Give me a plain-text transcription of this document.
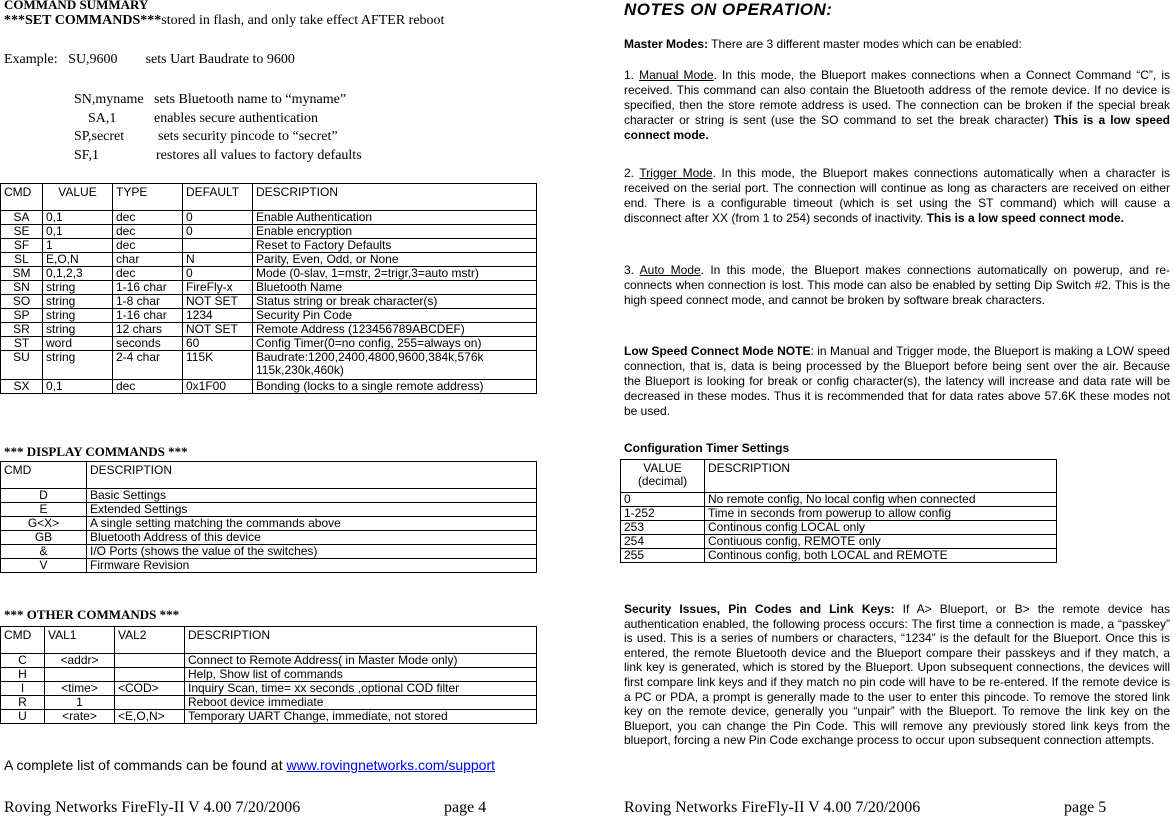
COMMAND SUMMARY
***SET COMMANDS***stored in flash, and only take effect AFTER reboot
Example: SU,9600 sets Uart Baudrate to 9600
SN,myname sets Bluetooth name to “myname”
SA,1	enables secure authentication
SP,secret sets security pincode to “secret”
SF,1	restores all values to factory defaults
CMD	VALUE	TYPE	DEFAULT	DESCRIPTION
SA	0,1	dec	0	Enable Authentication
SE	0,1	dec	0	Enable encryption
SF	1	dec		Reset to Factory Defaults
SL	E,O,N	char	N	Parity, Even, Odd, or None
SM	0,1,2,3	dec	0	Mode (0-slav, 1=mstr, 2=trigr,3=auto mstr)
SN	string	1-16 char	FireFly-x	Bluetooth Name
SO	string	1-8 char	NOT SET	Status string or break character(s)
SP	string	1-16 char	1234	Security Pin Code
SR	string	12 chars	NOT SET	Remote Address (123456789ABCDEF)
ST	word	seconds	60	Config Timer(0=no config, 255=always on)
SU	string	2-4 char	115K	Baudrate:1200,2400,4800,9600,384k,576k 115k,230k,460k)
SX	0,1	dec	0x1F00	Bonding (locks to a single remote address)
*** DISPLAY COMMANDS ***
CMD	DESCRIPTION
D	Basic Settings
E	Extended Settings
G<X>	A single setting matching the commands above
GB	Bluetooth Address of this device
&	I/O Ports (shows the value of the switches)
V	Firmware Revision
*** OTHER COMMANDS ***
CMD	VAL1	VAL2	DESCRIPTION
C	<addr>		Connect to Remote Address( in Master Mode only)
H			Help, Show list of commands
I	<time>	<COD>	Inquiry Scan, time= xx seconds ,optional COD filter
R	1		Reboot device immediate
U	<rate>	<E,O,N>	Temporary UART Change, immediate, not stored
A complete list of commands can be found at www.rovingnetworks.com/support
Roving Networks FireFly-II V 4.00 7/20/2006	page 4
NOTES ON OPERATION:
Master Modes: There are 3 different master modes which can be enabled:
1. Manual Mode. In this mode, the Blueport makes connections when a Connect Command “C”, is received. This command can also contain the Bluetooth address of the remote device. If no device is specified, then the store remote address is used. The connection can be broken if the special break character or string is sent (use the SO command to set the break character) This is a low speed connect mode.
2. Trigger Mode. In this mode, the Blueport makes connections automatically when a character is received on the serial port. The connection will continue as long as characters are received on either end. There is a configurable timeout (which is set using the ST command) which will cause a disconnect after XX (from 1 to 254) seconds of inactivity. This is a low speed connect mode.
3. Auto Mode. In this mode, the Blueport makes connections automatically on powerup, and re-connects when connection is lost. This mode can also be enabled by setting Dip Switch #2. This is the high speed connect mode, and cannot be broken by software break characters.
Low Speed Connect Mode NOTE: in Manual and Trigger mode, the Blueport is making a LOW speed connection, that is, data is being processed by the Blueport before being sent over the air. Because the Blueport is looking for break or config character(s), the latency will increase and data rate will be decreased in these modes. Thus it is recommended that for data rates above 57.6K these modes not be used.
Configuration Timer Settings
VALUE (decimal)	DESCRIPTION
0	No remote config, No local config when connected
1-252	Time in seconds from powerup to allow config
253	Continous config LOCAL only
254	Contiuous config, REMOTE only
255	Continous config, both LOCAL and REMOTE
Security Issues, Pin Codes and Link Keys: If A> Blueport, or B> the remote device has authentication enabled, the following process occurs: The first time a connection is made, a “passkey” is used. This is a series of numbers or characters, “1234” is the default for the Blueport. Once this is entered, the remote Bluetooth device and the Blueport compare their passkeys and if they match, a link key is generated, which is stored by the Blueport. Upon subsequent connections, the devices will first compare link keys and if they match no pin code will have to be re-entered. If the remote device is a PC or PDA, a prompt is generally made to the user to enter this pincode. To remove the stored link key on the remote device, generally you “unpair” with the Blueport. To remove the link key on the Blueport, you can change the Pin Code. This will remove any previously stored link keys from the blueport, forcing a new Pin Code exchange process to occur upon subsequent connection attempts.
Roving Networks FireFly-II V 4.00 7/20/2006	page 5
